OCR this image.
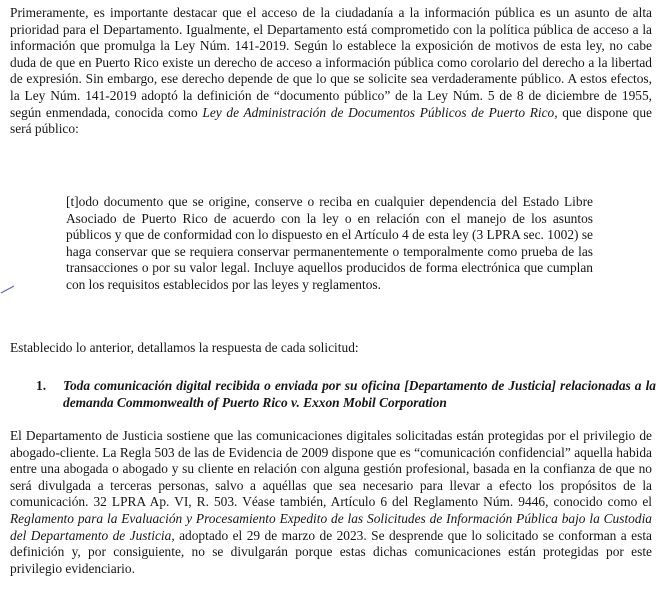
Primeramente, es importante destacar que el acceso de la ciudadanía a la información pública es un asunto de alta prioridad para el Departamento. Igualmente, el Departamento está comprometido con la política pública de acceso a la información que promulga la Ley Núm. 141-2019. Según lo establece la exposición de motivos de esta ley, no cabe duda de que en Puerto Rico existe un derecho de acceso a información pública como corolario del derecho a la libertad de expresión. Sin embargo, ese derecho depende de que lo que se solicite sea verdaderamente público. A estos efectos, la Ley Núm. 141-2019 adoptó la definición de “documento público” de la Ley Núm. 5 de 8 de diciembre de 1955, según enmendada, conocida como Ley de Administración de Documentos Públicos de Puerto Rico, que dispone que será público:

[t]odo documento que se origine, conserve o reciba en cualquier dependencia del Estado Libre Asociado de Puerto Rico de acuerdo con la ley o en relación con el manejo de los asuntos públicos y que de conformidad con lo dispuesto en el Artículo 4 de esta ley (3 LPRA sec. 1002) se haga conservar que se requiera conservar permanentemente o temporalmente como prueba de las transacciones o por su valor legal. Incluye aquellos producidos de forma electrónica que cumplan con los requisitos establecidos por las leyes y reglamentos.

Establecido lo anterior, detallamos la respuesta de cada solicitud:

1. Toda comunicación digital recibida o enviada por su oficina [Departamento de Justicia] relacionadas a la demanda Commonwealth of Puerto Rico v. Exxon Mobil Corporation

El Departamento de Justicia sostiene que las comunicaciones digitales solicitadas están protegidas por el privilegio de abogado-cliente. La Regla 503 de las de Evidencia de 2009 dispone que es “comunicación confidencial” aquella habida entre una abogada o abogado y su cliente en relación con alguna gestión profesional, basada en la confianza de que no será divulgada a terceras personas, salvo a aquéllas que sea necesario para llevar a efecto los propósitos de la comunicación. 32 LPRA Ap. VI, R. 503. Véase también, Artículo 6 del Reglamento Núm. 9446, conocido como el Reglamento para la Evaluación y Procesamiento Expedito de las Solicitudes de Información Pública bajo la Custodia del Departamento de Justicia, adoptado el 29 de marzo de 2023. Se desprende que lo solicitado se conforman a esta definición y, por consiguiente, no se divulgarán porque estas dichas comunicaciones están protegidas por este privilegio evidenciario.
